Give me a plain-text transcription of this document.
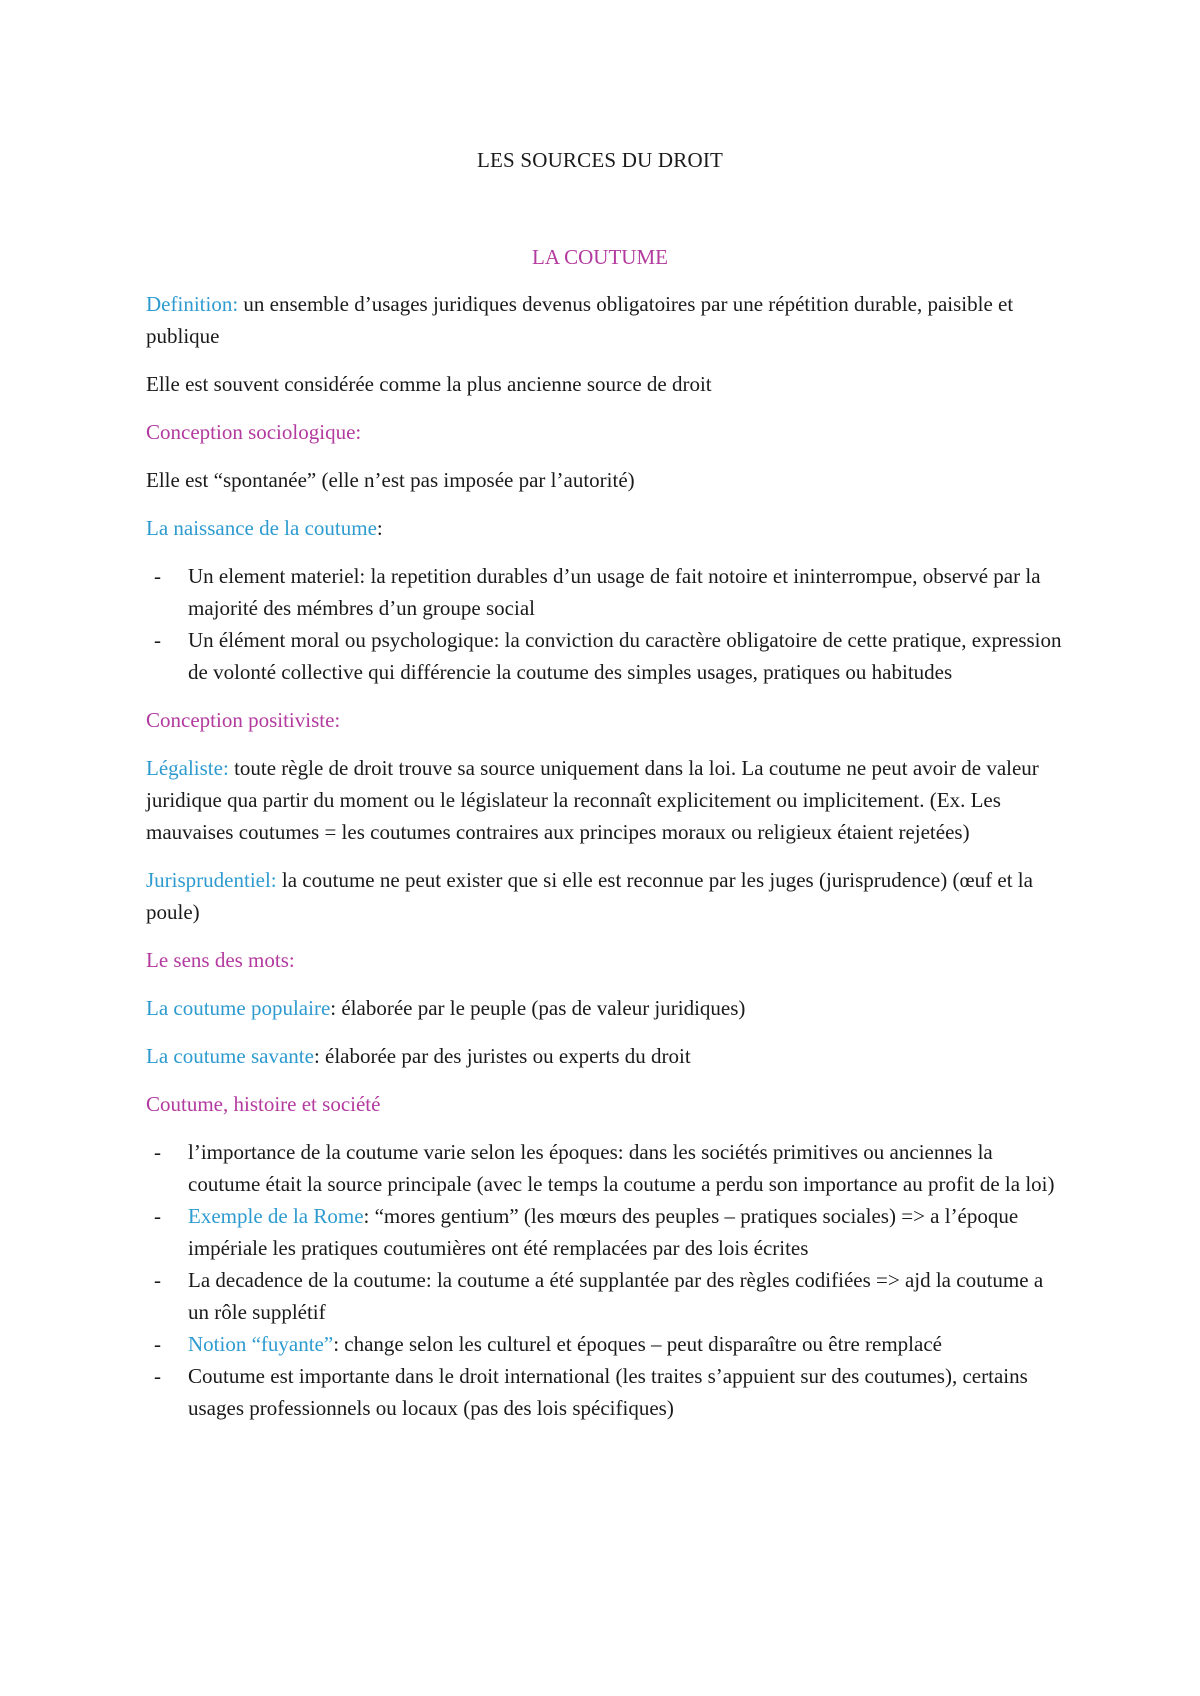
LES SOURCES DU DROIT
LA COUTUME

Definition: un ensemble d’usages juridiques devenus obligatoires par une répétition durable, paisible et publique

Elle est souvent considérée comme la plus ancienne source de droit

Conception sociologique:

Elle est “spontanée” (elle n’est pas imposée par l’autorité)

La naissance de la coutume:

- Un element materiel: la repetition durables d’un usage de fait notoire et ininterrompue, observé par la majorité des mémbres d’un groupe social
- Un élément moral ou psychologique: la conviction du caractère obligatoire de cette pratique, expression de volonté collective qui différencie la coutume des simples usages, pratiques ou habitudes

Conception positiviste:

Légaliste: toute règle de droit trouve sa source uniquement dans la loi. La coutume ne peut avoir de valeur juridique qua partir du moment ou le législateur la reconnaît explicitement ou implicitement. (Ex. Les mauvaises coutumes = les coutumes contraires aux principes moraux ou religieux étaient rejetées)

Jurisprudentiel: la coutume ne peut exister que si elle est reconnue par les juges (jurisprudence) (œuf et la poule)

Le sens des mots:

La coutume populaire: élaborée par le peuple (pas de valeur juridiques)

La coutume savante: élaborée par des juristes ou experts du droit

Coutume, histoire et société

- l’importance de la coutume varie selon les époques: dans les sociétés primitives ou anciennes la coutume était la source principale (avec le temps la coutume a perdu son importance au profit de la loi)
- Exemple de la Rome: “mores gentium” (les mœurs des peuples – pratiques sociales) => a l’époque impériale les pratiques coutumières ont été remplacées par des lois écrites
- La decadence de la coutume: la coutume a été supplantée par des règles codifiées => ajd la coutume a un rôle supplétif
- Notion “fuyante”: change selon les culturel et époques – peut disparaître ou être remplacé
- Coutume est importante dans le droit international (les traites s’appuient sur des coutumes), certains usages professionnels ou locaux (pas des lois spécifiques)
